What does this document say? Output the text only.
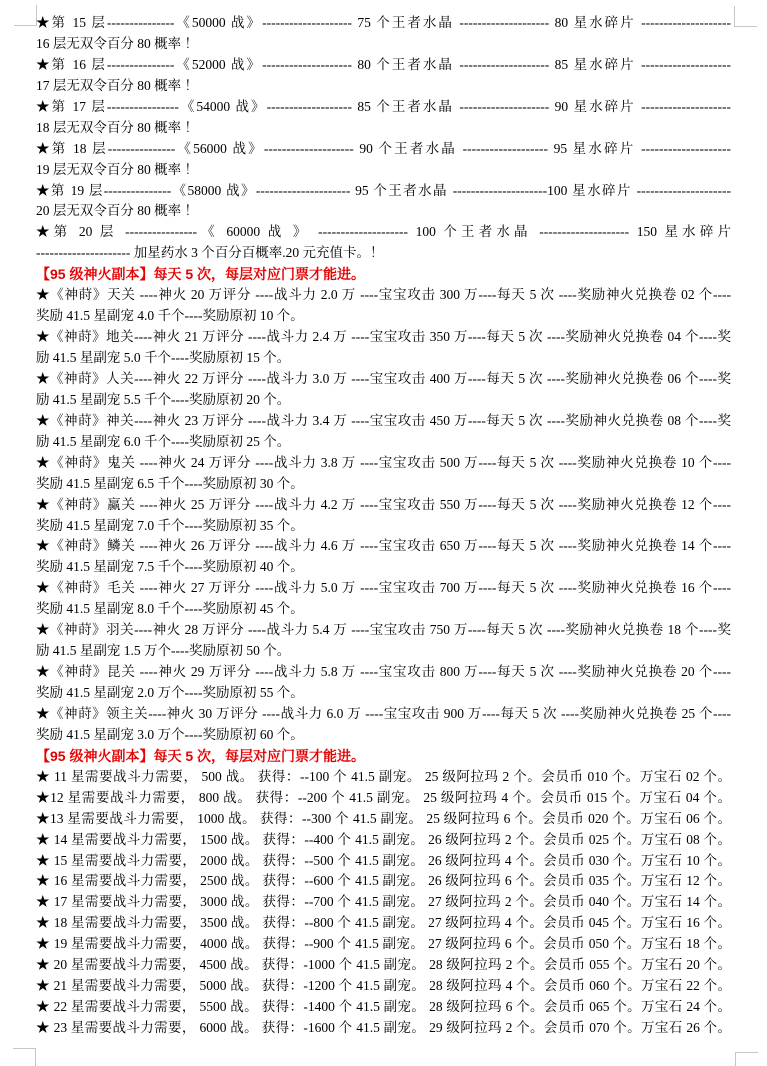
★第 15 层---------------《50000 战》-------------------- 75 个王者水晶 -------------------- 80 星水碎片 --------------------
16 层无双令百分 80 概率 ！
★第 16 层---------------《52000 战》-------------------- 80 个王者水晶 -------------------- 85 星水碎片 --------------------
17 层无双令百分 80 概率 ！
★第 17 层----------------《54000 战》------------------- 85 个王者水晶 -------------------- 90 星水碎片 --------------------
18 层无双令百分 80 概率 ！
★第 18 层---------------《56000 战》-------------------- 90 个王者水晶 ------------------- 95 星水碎片 --------------------
19 层无双令百分 80 概率 ！
★第 19 层---------------《58000 战》--------------------- 95 个王者水晶 ---------------------100 星水碎片 ---------------------
20 层无双令百分 80 概率 ！
★第 20 层 ----------------《 60000 战 》 -------------------- 100 个王者水晶 -------------------- 150 星水碎片
--------------------- 加星药水 3 个百分百概率.20 元充值卡。！
【95 级神火副本】每天 5 次，每层对应门票才能进。
★《神莳》天关 ----神火 20 万评分 ----战斗力 2.0 万 ----宝宝攻击 300 万----每天 5 次 ----奖励神火兑换卷 02 个----
奖励 41.5 星副宠 4.0 千个----奖励原初 10 个。
★《神莳》地关----神火 21 万评分 ----战斗力 2.4 万 ----宝宝攻击 350 万----每天 5 次 ----奖励神火兑换卷 04 个----奖
励 41.5 星副宠 5.0 千个----奖励原初 15 个。
★《神莳》人关----神火 22 万评分 ----战斗力 3.0 万 ----宝宝攻击 400 万----每天 5 次 ----奖励神火兑换卷 06 个----奖
励 41.5 星副宠 5.5 千个----奖励原初 20 个。
★《神莳》神关----神火 23 万评分 ----战斗力 3.4 万 ----宝宝攻击 450 万----每天 5 次 ----奖励神火兑换卷 08 个----奖
励 41.5 星副宠 6.0 千个----奖励原初 25 个。
★《神莳》鬼关 ----神火 24 万评分 ----战斗力 3.8 万 ----宝宝攻击 500 万----每天 5 次 ----奖励神火兑换卷 10 个----
奖励 41.5 星副宠 6.5 千个----奖励原初 30 个。
★《神莳》赢关 ----神火 25 万评分 ----战斗力 4.2 万 ----宝宝攻击 550 万----每天 5 次 ----奖励神火兑换卷 12 个----
奖励 41.5 星副宠 7.0 千个----奖励原初 35 个。
★《神莳》鳞关 ----神火 26 万评分 ----战斗力 4.6 万 ----宝宝攻击 650 万----每天 5 次 ----奖励神火兑换卷 14 个----
奖励 41.5 星副宠 7.5 千个----奖励原初 40 个。
★《神莳》毛关 ----神火 27 万评分 ----战斗力 5.0 万 ----宝宝攻击 700 万----每天 5 次 ----奖励神火兑换卷 16 个----
奖励 41.5 星副宠 8.0 千个----奖励原初 45 个。
★《神莳》羽关----神火 28 万评分 ----战斗力 5.4 万 ----宝宝攻击 750 万----每天 5 次 ----奖励神火兑换卷 18 个----奖
励 41.5 星副宠 1.5 万个----奖励原初 50 个。
★《神莳》昆关 ----神火 29 万评分 ----战斗力 5.8 万 ----宝宝攻击 800 万----每天 5 次 ----奖励神火兑换卷 20 个----
奖励 41.5 星副宠 2.0 万个----奖励原初 55 个。
★《神莳》领主关----神火 30 万评分 ----战斗力 6.0 万 ----宝宝攻击 900 万----每天 5 次 ----奖励神火兑换卷 25 个----
奖励 41.5 星副宠 3.0 万个----奖励原初 60 个。
【95 级神火副本】每天 5 次，每层对应门票才能进。
★ 11 星需要战斗力需要， 500 战。 获得：--100 个 41.5 副宠。 25 级阿拉玛 2 个。会员币 010 个。万宝石 02 个。
★12 星需要战斗力需要， 800 战。 获得：--200 个 41.5 副宠。 25 级阿拉玛 4 个。会员币 015 个。万宝石 04 个。
★13 星需要战斗力需要， 1000 战。 获得：--300 个 41.5 副宠。 25 级阿拉玛 6 个。会员币 020 个。万宝石 06 个。
★ 14 星需要战斗力需要， 1500 战。 获得：--400 个 41.5 副宠。 26 级阿拉玛 2 个。会员币 025 个。万宝石 08 个。
★ 15 星需要战斗力需要， 2000 战。 获得：--500 个 41.5 副宠。 26 级阿拉玛 4 个。会员币 030 个。万宝石 10 个。
★ 16 星需要战斗力需要， 2500 战。 获得：--600 个 41.5 副宠。 26 级阿拉玛 6 个。会员币 035 个。万宝石 12 个。
★ 17 星需要战斗力需要， 3000 战。 获得：--700 个 41.5 副宠。 27 级阿拉玛 2 个。会员币 040 个。万宝石 14 个。
★ 18 星需要战斗力需要， 3500 战。 获得：--800 个 41.5 副宠。 27 级阿拉玛 4 个。会员币 045 个。万宝石 16 个。
★ 19 星需要战斗力需要， 4000 战。 获得：--900 个 41.5 副宠。 27 级阿拉玛 6 个。会员币 050 个。万宝石 18 个。
★ 20 星需要战斗力需要， 4500 战。 获得：-1000 个 41.5 副宠。 28 级阿拉玛 2 个。会员币 055 个。万宝石 20 个。
★ 21 星需要战斗力需要， 5000 战。 获得：-1200 个 41.5 副宠。 28 级阿拉玛 4 个。会员币 060 个。万宝石 22 个。
★ 22 星需要战斗力需要， 5500 战。 获得：-1400 个 41.5 副宠。 28 级阿拉玛 6 个。会员币 065 个。万宝石 24 个。
★ 23 星需要战斗力需要， 6000 战。 获得：-1600 个 41.5 副宠。 29 级阿拉玛 2 个。会员币 070 个。万宝石 26 个。
